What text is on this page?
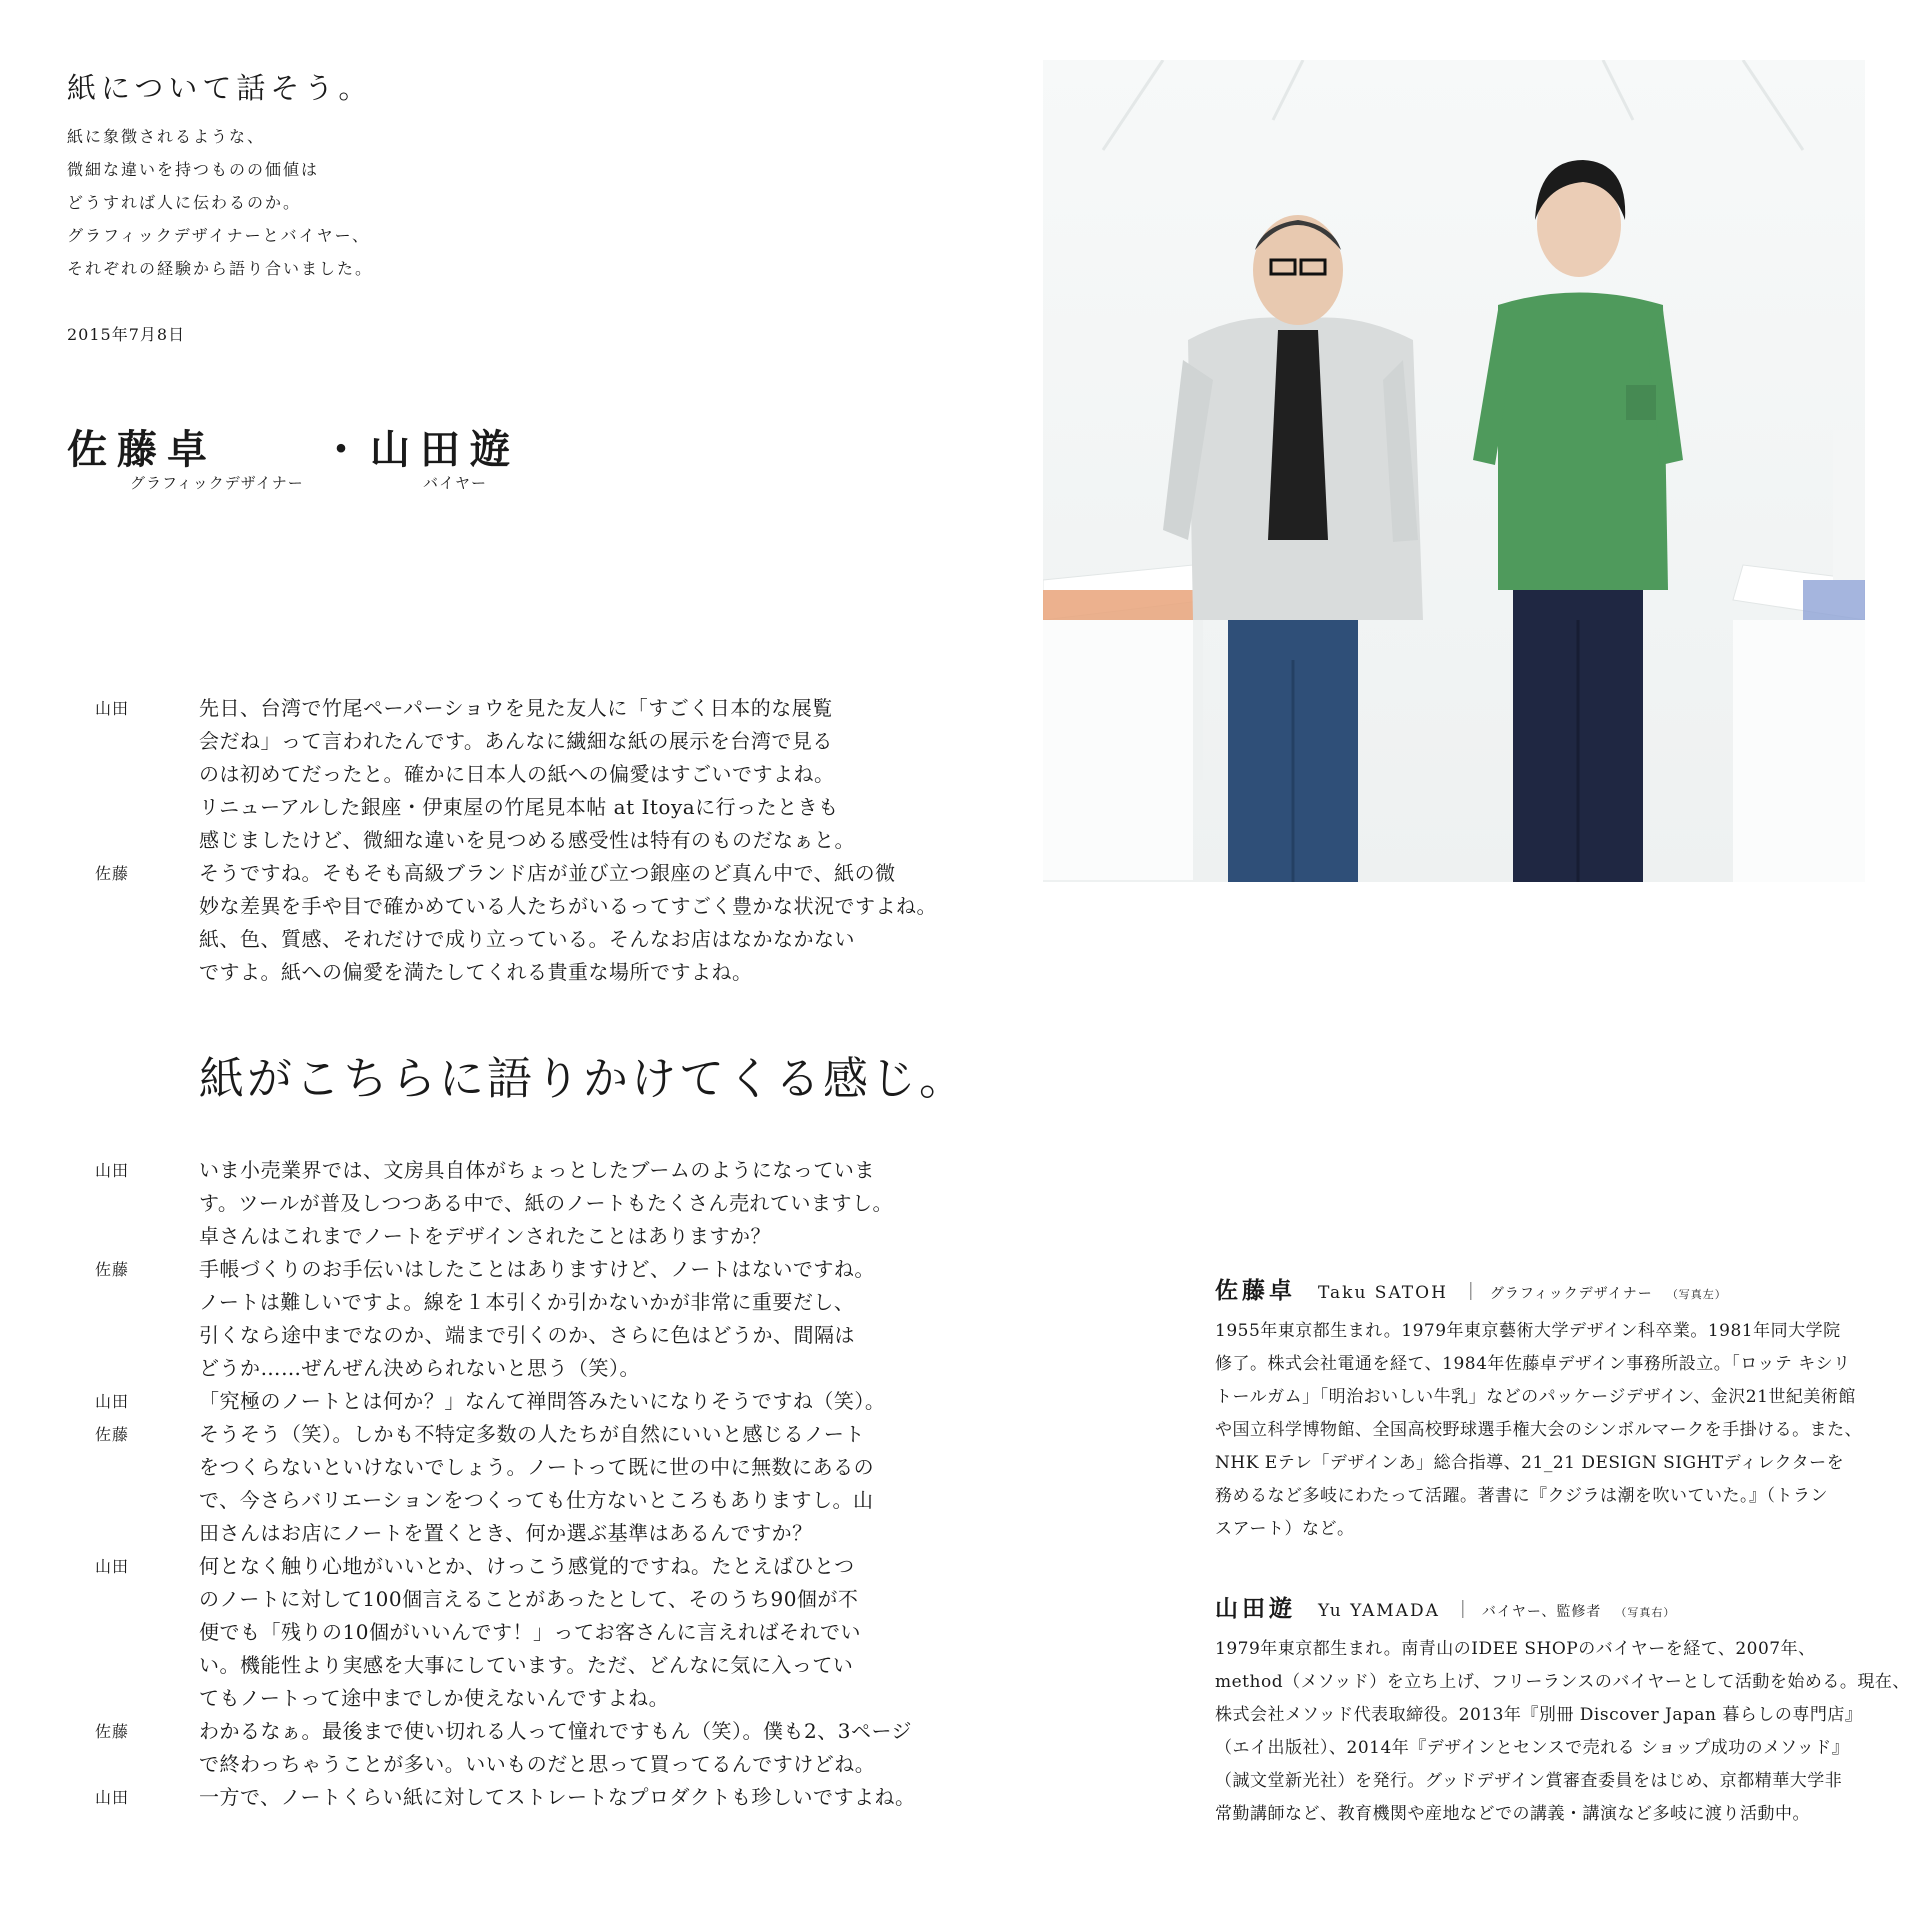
紙について話そう。
紙に象徴されるような、
微細な違いを持つものの価値は
どうすれば人に伝わるのか。
グラフィックデザイナーとバイヤー、
それぞれの経験から語り合いました。
2015年7月8日
佐藤卓	・ 山田遊
グラフィックデザイナー	バイヤー
山田	先日、台湾で竹尾ペーパーショウを見た友人に「すごく日本的な展覧
会だね」って言われたんです。あんなに繊細な紙の展示を台湾で見る
のは初めてだったと。確かに日本人の紙への偏愛はすごいですよね。
リニューアルした銀座・伊東屋の竹尾見本帖 at Itoyaに行ったときも
感じましたけど、微細な違いを見つめる感受性は特有のものだなぁと。
佐藤	そうですね。そもそも高級ブランド店が並び立つ銀座のど真ん中で、紙の微
妙な差異を手や目で確かめている人たちがいるってすごく豊かな状況ですよね。
紙、色、質感、それだけで成り立っている。そんなお店はなかなかない
ですよ。紙への偏愛を満たしてくれる貴重な場所ですよね。
紙がこちらに語りかけてくる感じ。
山田	いま小売業界では、文房具自体がちょっとしたブームのようになっていま
す。ツールが普及しつつある中で、紙のノートもたくさん売れていますし。
卓さんはこれまでノートをデザインされたことはありますか？
佐藤	手帳づくりのお手伝いはしたことはありますけど、ノートはないですね。
ノートは難しいですよ。線を１本引くか引かないかが非常に重要だし、
引くなら途中までなのか、端まで引くのか、さらに色はどうか、間隔は
どうか……ぜんぜん決められないと思う（笑）。
山田	「究極のノートとは何か？」なんて禅問答みたいになりそうですね（笑）。
佐藤	そうそう（笑）。しかも不特定多数の人たちが自然にいいと感じるノート
をつくらないといけないでしょう。ノートって既に世の中に無数にあるの
で、今さらバリエーションをつくっても仕方ないところもありますし。山
田さんはお店にノートを置くとき、何か選ぶ基準はあるんですか？
山田	何となく触り心地がいいとか、けっこう感覚的ですね。たとえばひとつ
のノートに対して100個言えることがあったとして、そのうち90個が不
便でも「残りの10個がいいんです！」ってお客さんに言えればそれでい
い。機能性より実感を大事にしています。ただ、どんなに気に入ってい
てもノートって途中までしか使えないんですよね。
佐藤	わかるなぁ。最後まで使い切れる人って憧れですもん（笑）。僕も2、3ページ
で終わっちゃうことが多い。いいものだと思って買ってるんですけどね。
山田	一方で、ノートくらい紙に対してストレートなプロダクトも珍しいですよね。
佐藤卓 Taku SATOH ｜ グラフィックデザイナー （写真左）
1955年東京都生まれ。1979年東京藝術大学デザイン科卒業。1981年同大学院
修了。株式会社電通を経て、1984年佐藤卓デザイン事務所設立。「ロッテ キシリ
トールガム」「明治おいしい牛乳」などのパッケージデザイン、金沢21世紀美術館
や国立科学博物館、全国高校野球選手権大会のシンボルマークを手掛ける。また、
NHK Eテレ「デザインあ」総合指導、21_21 DESIGN SIGHTディレクターを
務めるなど多岐にわたって活躍。著書に『クジラは潮を吹いていた。』（トラン
スアート）など。
山田遊 Yu YAMADA ｜ バイヤー、監修者 （写真右）
1979年東京都生まれ。南青山のIDEE SHOPのバイヤーを経て、2007年、
method（メソッド）を立ち上げ、フリーランスのバイヤーとして活動を始める。現在、
株式会社メソッド代表取締役。2013年『別冊 Discover Japan 暮らしの専門店』
（エイ出版社）、2014年『デザインとセンスで売れる ショップ成功のメソッド』
（誠文堂新光社）を発行。グッドデザイン賞審査委員をはじめ、京都精華大学非
常勤講師など、教育機関や産地などでの講義・講演など多岐に渡り活動中。
